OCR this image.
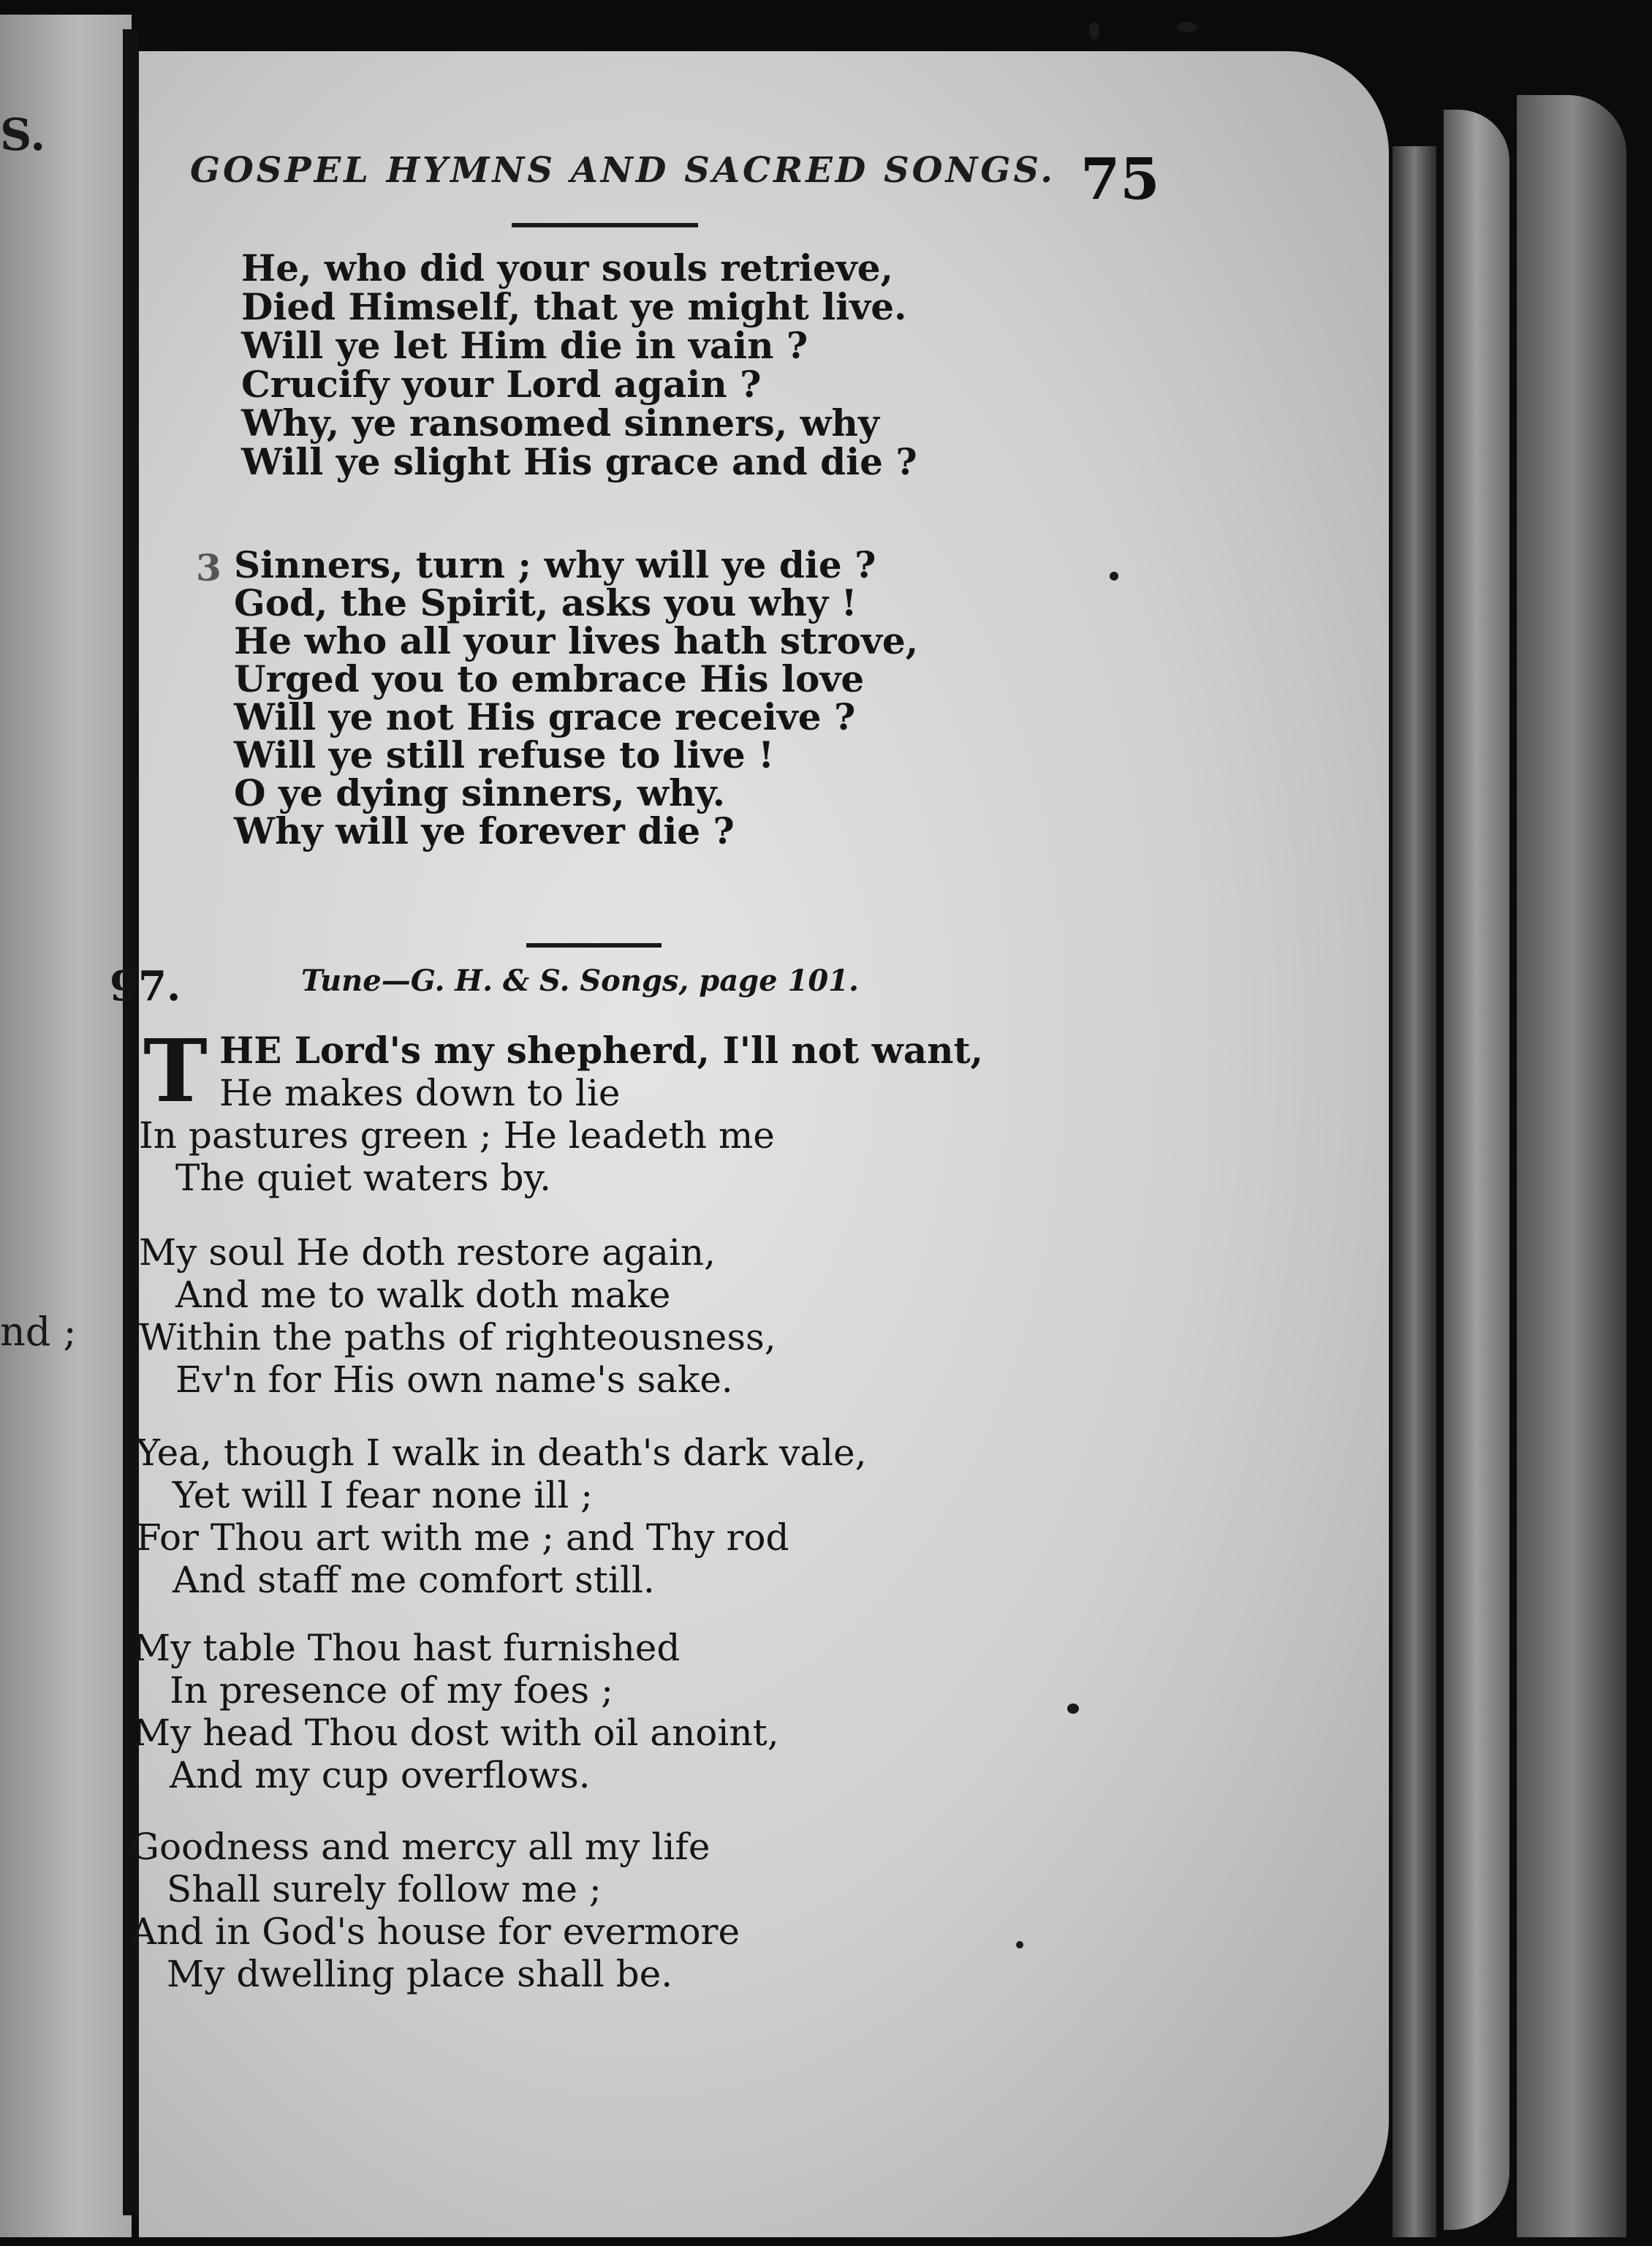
S.
nd ;
GOSPEL HYMNS AND SACRED SONGS. 75
He, who did your souls retrieve,
Died Himself, that ye might live.
Will ye let Him die in vain ?
Crucify your Lord again ?
Why, ye ransomed sinners, why
Will ye slight His grace and die ?
3 Sinners, turn ; why will ye die ?
God, the Spirit, asks you why !
He who all your lives hath strove,
Urged you to embrace His love
Will ye not His grace receive ?
Will ye still refuse to live !
O ye dying sinners, why.
Why will ye forever die ?
97.	Tune—G. H. & S. Songs, page 101.
T HE Lord's my shepherd, I'll not want,
He makes down to lie
In pastures green ; He leadeth me
The quiet waters by.
My soul He doth restore again,
And me to walk doth make
Within the paths of righteousness,
Ev'n for His own name's sake.
Yea, though I walk in death's dark vale,
Yet will I fear none ill ;
For Thou art with me ; and Thy rod
And staff me comfort still.
My table Thou hast furnished
In presence of my foes ;
My head Thou dost with oil anoint,
And my cup overflows.
Goodness and mercy all my life
Shall surely follow me ;
And in God's house for evermore
My dwelling place shall be.
